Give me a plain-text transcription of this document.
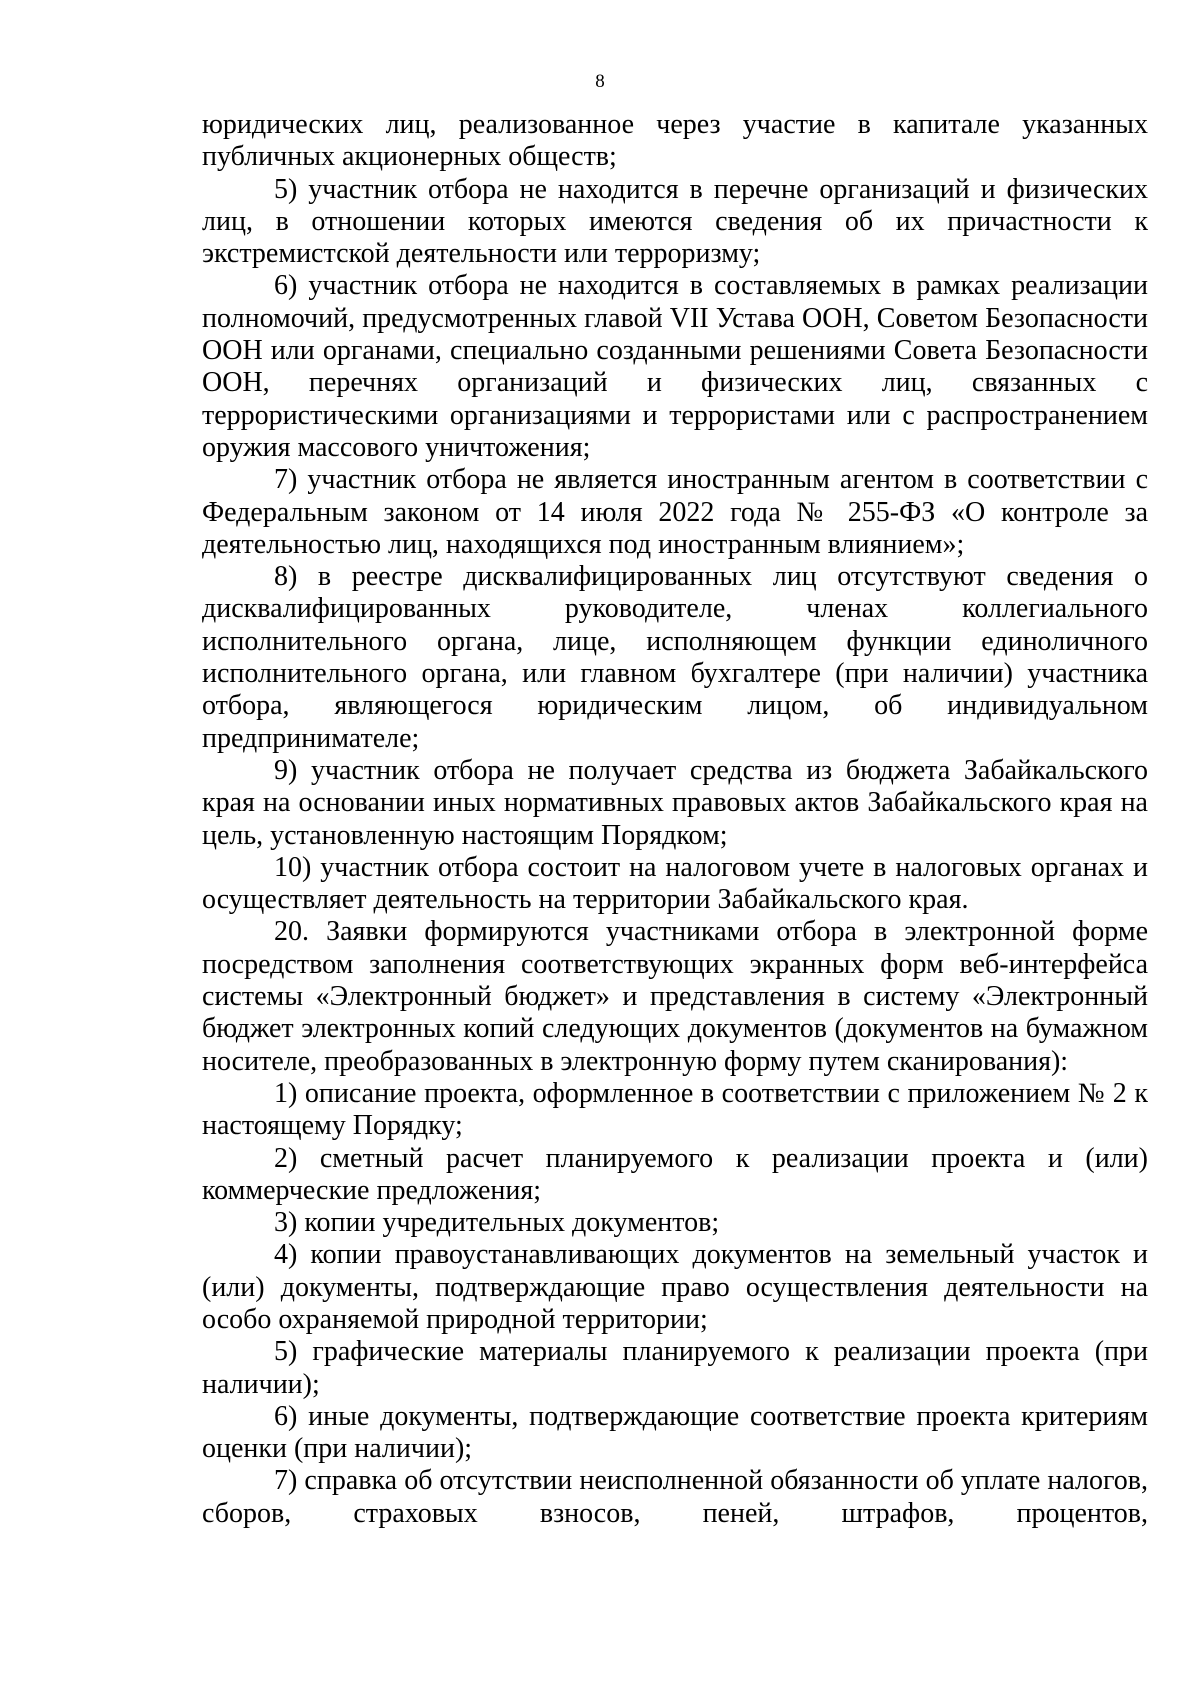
8

юридических лиц, реализованное через участие в капитале указанных публичных акционерных обществ;

5) участник отбора не находится в перечне организаций и физических лиц, в отношении которых имеются сведения об их причастности к экстремистской деятельности или терроризму;

6) участник отбора не находится в составляемых в рамках реализации полномочий, предусмотренных главой VII Устава ООН, Советом Безопасности ООН или органами, специально созданными решениями Совета Безопасности ООН, перечнях организаций и физических лиц, связанных с террористическими организациями и террористами или с распространением оружия массового уничтожения;

7) участник отбора не является иностранным агентом в соответствии с Федеральным законом от 14 июля 2022 года № 255-ФЗ «О контроле за деятельностью лиц, находящихся под иностранным влиянием»;

8) в реестре дисквалифицированных лиц отсутствуют сведения о дисквалифицированных руководителе, членах коллегиального исполнительного органа, лице, исполняющем функции единоличного исполнительного органа, или главном бухгалтере (при наличии) участника отбора, являющегося юридическим лицом, об индивидуальном предпринимателе;

9) участник отбора не получает средства из бюджета Забайкальского края на основании иных нормативных правовых актов Забайкальского края на цель, установленную настоящим Порядком;

10) участник отбора состоит на налоговом учете в налоговых органах и осуществляет деятельность на территории Забайкальского края.

20. Заявки формируются участниками отбора в электронной форме посредством заполнения соответствующих экранных форм веб-интерфейса системы «Электронный бюджет» и представления в систему «Электронный бюджет электронных копий следующих документов (документов на бумажном носителе, преобразованных в электронную форму путем сканирования):

1) описание проекта, оформленное в соответствии с приложением № 2 к настоящему Порядку;

2) сметный расчет планируемого к реализации проекта и (или) коммерческие предложения;

3) копии учредительных документов;

4) копии правоустанавливающих документов на земельный участок и (или) документы, подтверждающие право осуществления деятельности на особо охраняемой природной территории;

5) графические материалы планируемого к реализации проекта (при наличии);

6) иные документы, подтверждающие соответствие проекта критериям оценки (при наличии);

7) справка об отсутствии неисполненной обязанности об уплате налогов, сборов, страховых взносов, пеней, штрафов, процентов,
